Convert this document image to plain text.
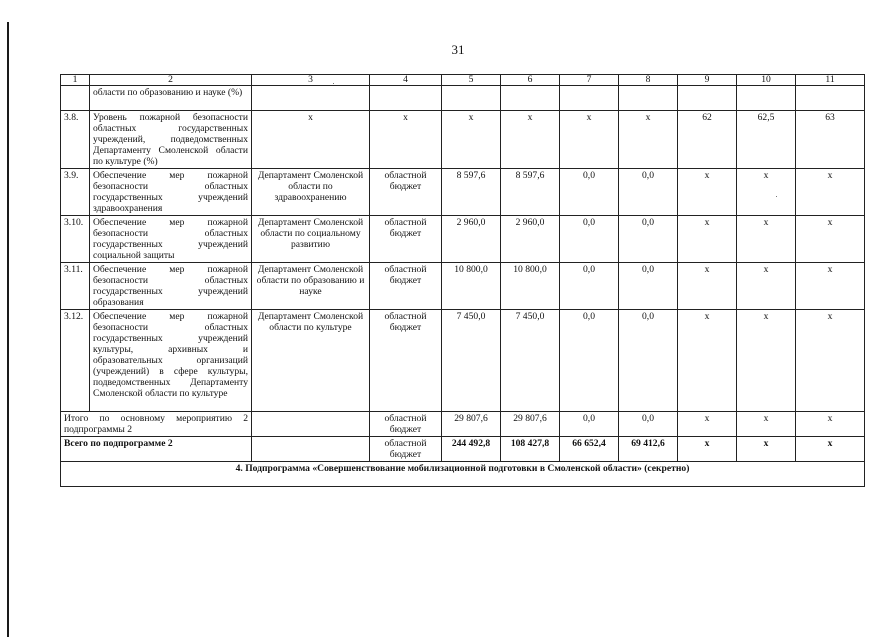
31
1	2	3	4	5	6	7	8	9	10	11
	области по образованию и науке (%)									
3.8.	Уровень пожарной безопасности областных государственных учреждений, подведомственных Департаменту Смоленской области по культуре (%)	х	х	х	х	х	х	62	62,5	63
3.9.	Обеспечение мер пожарной безопасности областных государственных учреждений здравоохранения	Департамент Смоленской области по здравоохранению	областной бюджет	8 597,6	8 597,6	0,0	0,0	х	х	х
3.10.	Обеспечение мер пожарной безопасности областных государственных учреждений социальной защиты	Департамент Смоленской области по социальному развитию	областной бюджет	2 960,0	2 960,0	0,0	0,0	х	х	х
3.11.	Обеспечение мер пожарной безопасности областных государственных учреждений образования	Департамент Смоленской области по образованию и науке	областной бюджет	10 800,0	10 800,0	0,0	0,0	х	х	х
3.12.	Обеспечение мер пожарной безопасности областных государственных учреждений культуры, архивных и образовательных организаций (учреждений) в сфере культуры, подведомственных Департаменту Смоленской области по культуре	Департамент Смоленской области по культуре	областной бюджет	7 450,0	7 450,0	0,0	0,0	х	х	х
Итого по основному мероприятию 2 подпрограммы 2			областной бюджет	29 807,6	29 807,6	0,0	0,0	х	х	х
Всего по подпрограмме 2			областной бюджет	244 492,8	108 427,8	66 652,4	69 412,6	х	х	х
4. Подпрограмма «Совершенствование мобилизационной подготовки в Смоленской области» (секретно)										
